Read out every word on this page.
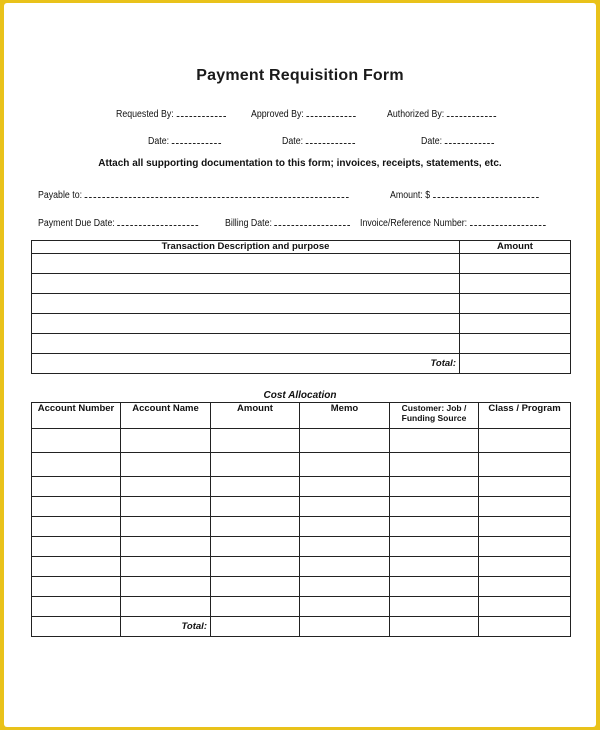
Payment Requisition Form
Requested By:	Approved By:	Authorized By:
Date:	Date:	Date:
Attach all supporting documentation to this form; invoices, receipts, statements, etc.
Payable to:	Amount: $
Payment Due Date:	Billing Date:	Invoice/Reference Number:
Transaction Description and purpose	Amount

Total:	
Cost Allocation
Account Number	Account Name	Amount	Memo	Customer: Job / Funding Source	Class / Program

	Total:				
